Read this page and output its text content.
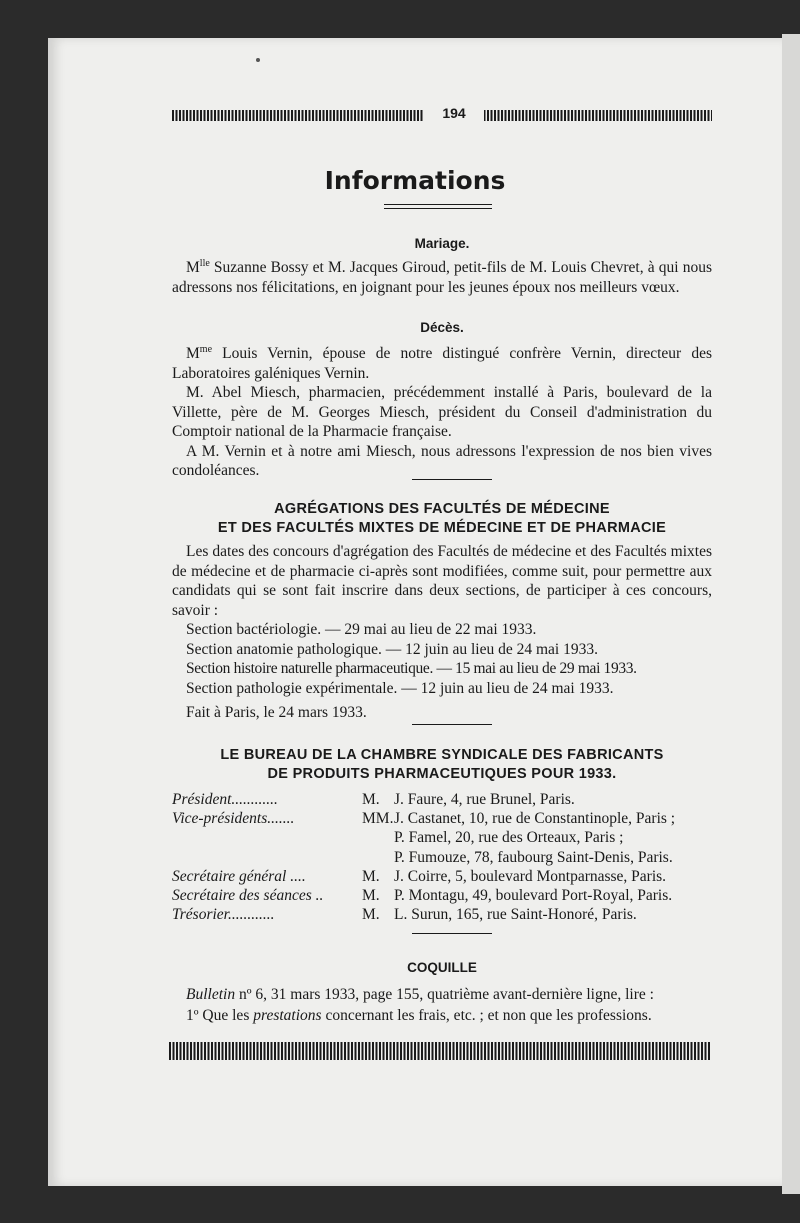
194
Informations
Mariage.

$M^{lle}$ Suzanne Bossy et M. Jacques Giroud, petit-fils de M. Louis Chevret, à qui nous adressons nos félicitations, en joignant pour les jeunes époux nos meilleurs vœux.

Décès.

$M^{me}$ Louis Vernin, épouse de notre distingué confrère Vernin, directeur des Laboratoires galéniques Vernin.

M. Abel Miesch, pharmacien, précédemment installé à Paris, boulevard de la Villette, père de M. Georges Miesch, président du Conseil d'administration du Comptoir national de la Pharmacie française.

A M. Vernin et à notre ami Miesch, nous adressons l'expression de nos bien vives condoléances.

AGRÉGATIONS DES FACULTÉS DE MÉDECINE
ET DES FACULTÉS MIXTES DE MÉDECINE ET DE PHARMACIE

Les dates des concours d'agrégation des Facultés de médecine et des Facultés mixtes de médecine et de pharmacie ci-après sont modifiées, comme suit, pour permettre aux candidats qui se sont fait inscrire dans deux sections, de participer à ces concours, savoir :

Section bactériologie. — 29 mai au lieu de 22 mai 1933.

Section anatomie pathologique. — 12 juin au lieu de 24 mai 1933.

Section histoire naturelle pharmaceutique. — 15 mai au lieu de 29 mai 1933.

Section pathologie expérimentale. — 12 juin au lieu de 24 mai 1933.

Fait à Paris, le 24 mars 1933.

LE BUREAU DE LA CHAMBRE SYNDICALE DES FABRICANTS
DE PRODUITS PHARMACEUTIQUES POUR 1933.
Président............	M. J. Faure, 4, rue Brunel, Paris.
Vice-présidents.......	MM. J. Castanet, 10, rue de Constantinople, Paris ;
P. Famel, 20, rue des Orteaux, Paris ;
P. Fumouze, 78, faubourg Saint-Denis, Paris.
Secrétaire général ....	M. J. Coirre, 5, boulevard Montparnasse, Paris.
Secrétaire des séances ..	M. P. Montagu, 49, boulevard Port-Royal, Paris.
Trésorier............	M. L. Surun, 165, rue Saint-Honoré, Paris.
COQUILLE

Bulletin nº 6, 31 mars 1933, page 155, quatrième avant-dernière ligne, lire :

1º Que les prestations concernant les frais, etc. ; et non que les professions.
